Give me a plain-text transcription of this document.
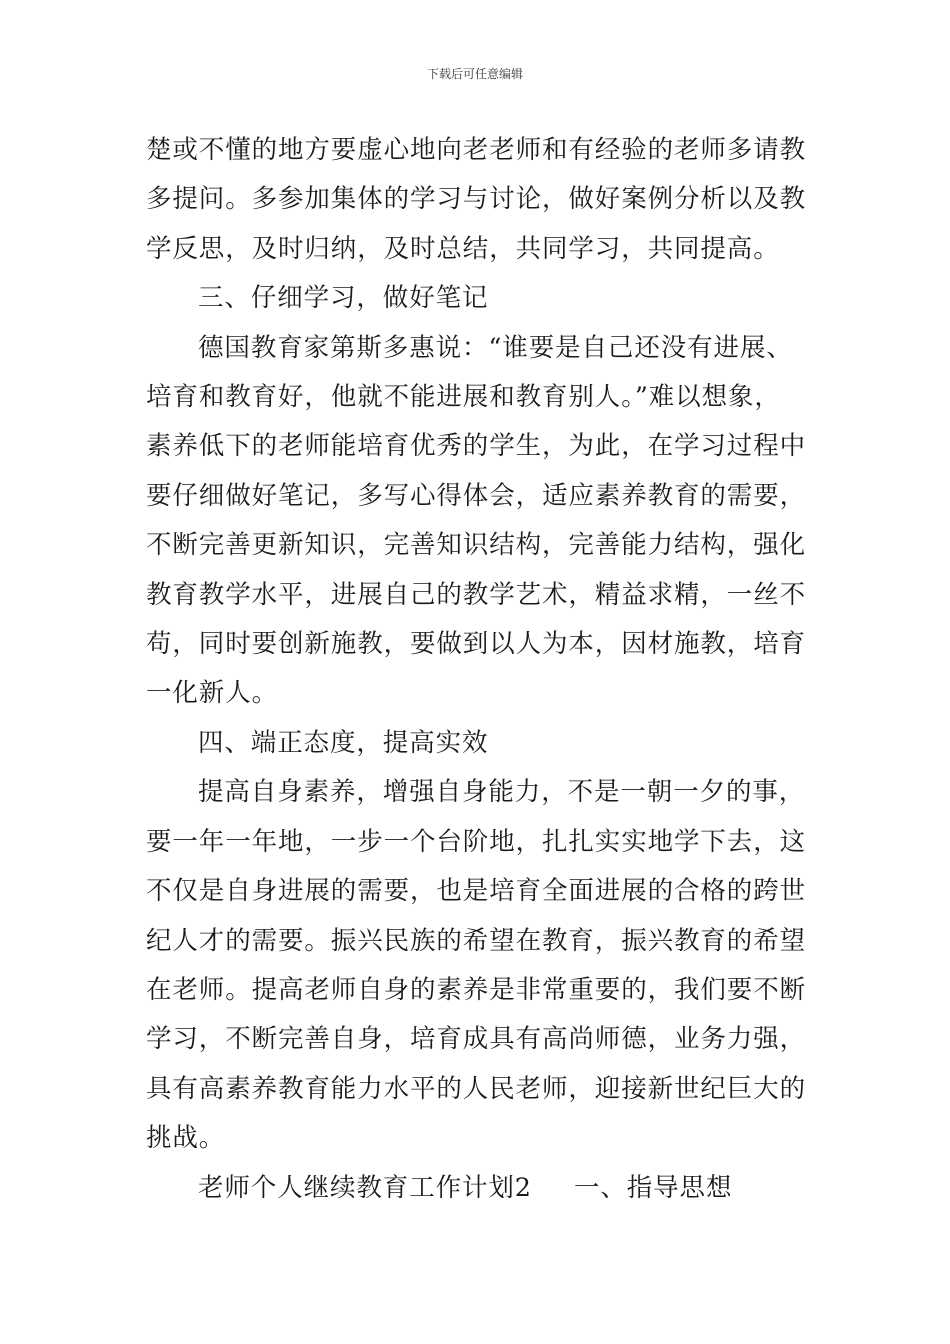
下载后可任意编辑
楚或不懂的地方要虚心地向老老师和有经验的老师多请教
多提问。多参加集体的学习与讨论，做好案例分析以及教
学反思，及时归纳，及时总结，共同学习，共同提高。
三、仔细学习，做好笔记
德国教育家第斯多惠说：“谁要是自己还没有进展、
培育和教育好，他就不能进展和教育别人。”难以想象，
素养低下的老师能培育优秀的学生，为此，在学习过程中
要仔细做好笔记，多写心得体会，适应素养教育的需要，
不断完善更新知识，完善知识结构，完善能力结构，强化
教育教学水平，进展自己的教学艺术，精益求精，一丝不
苟，同时要创新施教，要做到以人为本，因材施教，培育
一化新人。
四、端正态度，提高实效
提高自身素养，增强自身能力，不是一朝一夕的事，
要一年一年地，一步一个台阶地，扎扎实实地学下去，这
不仅是自身进展的需要，也是培育全面进展的合格的跨世
纪人才的需要。振兴民族的希望在教育，振兴教育的希望
在老师。提高老师自身的素养是非常重要的，我们要不断
学习，不断完善自身，培育成具有高尚师德，业务力强，
具有高素养教育能力水平的人民老师，迎接新世纪巨大的
挑战。
老师个人继续教育工作计划2 一、指导思想
